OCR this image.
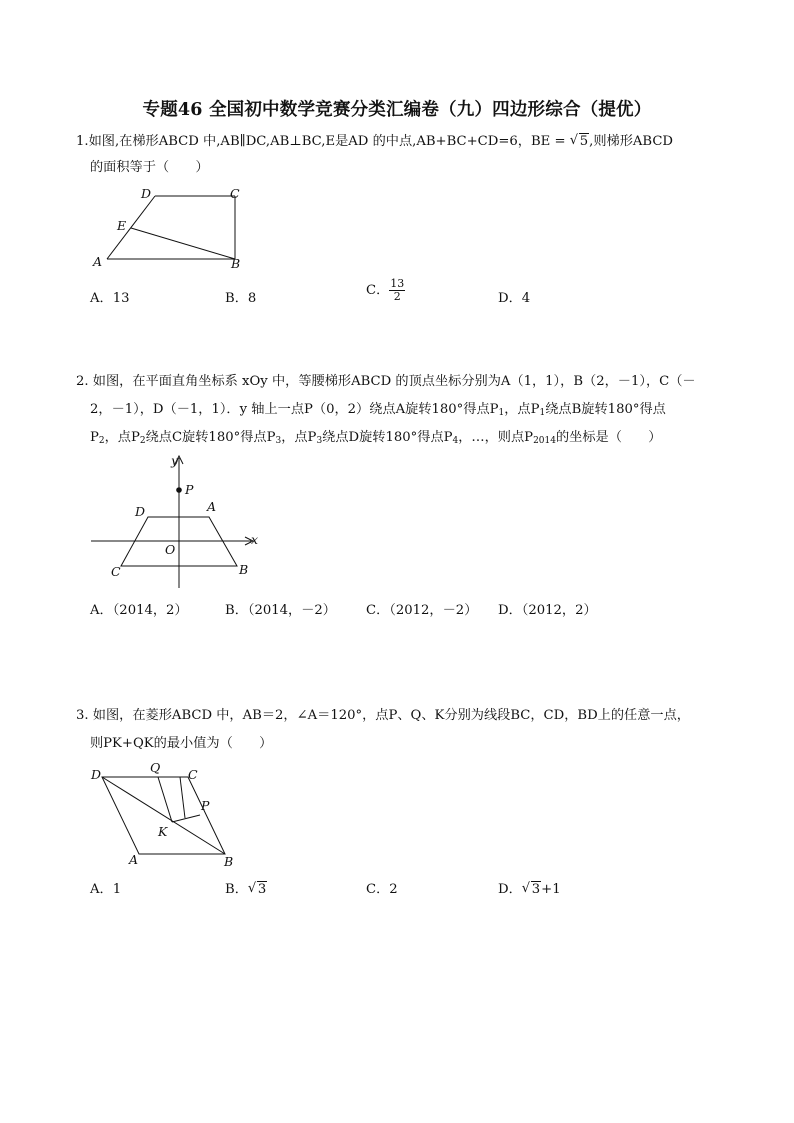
专题46 全国初中数学竞赛分类汇编卷（九）四边形综合（提优）
1.如图,在梯形ABCD 中,AB∥DC,AB⊥BC,E是AD 的中点,AB+BC+CD=6，BE = √ 5,则梯形ABCD
的面积等于（　　）
D	C
E
A	B
A．13	B．8
C． $\frac{13}{2}$	D．4
2. 如图，在平面直角坐标系 xOy 中，等腰梯形ABCD 的顶点坐标分别为A（1，1），B（2，－1），C（－
2，－1），D（－1，1）．y 轴上一点P（0，2）绕点A旋转180°得点$P_1$，点$P_1$绕点B旋转180°得点
$P_2$，点$P_2$绕点C旋转180°得点$P_3$，点$P_3$绕点D旋转180°得点$P_4$，…，则点$P_{2014}$的坐标是（　　）
y
x
P
D	A
O
C	B
A．（2014，2）	B．（2014，－2） C．（2012，－2） D．（2012，2）
3. 如图，在菱形ABCD 中，AB＝2，∠A＝120°，点P、Q、K分别为线段BC，CD，BD上的任意一点，
则PK+QK的最小值为（　　）
D	Q C
P
K
A	B
A．1	B． √ 3	C．2	D． √ 3+1
